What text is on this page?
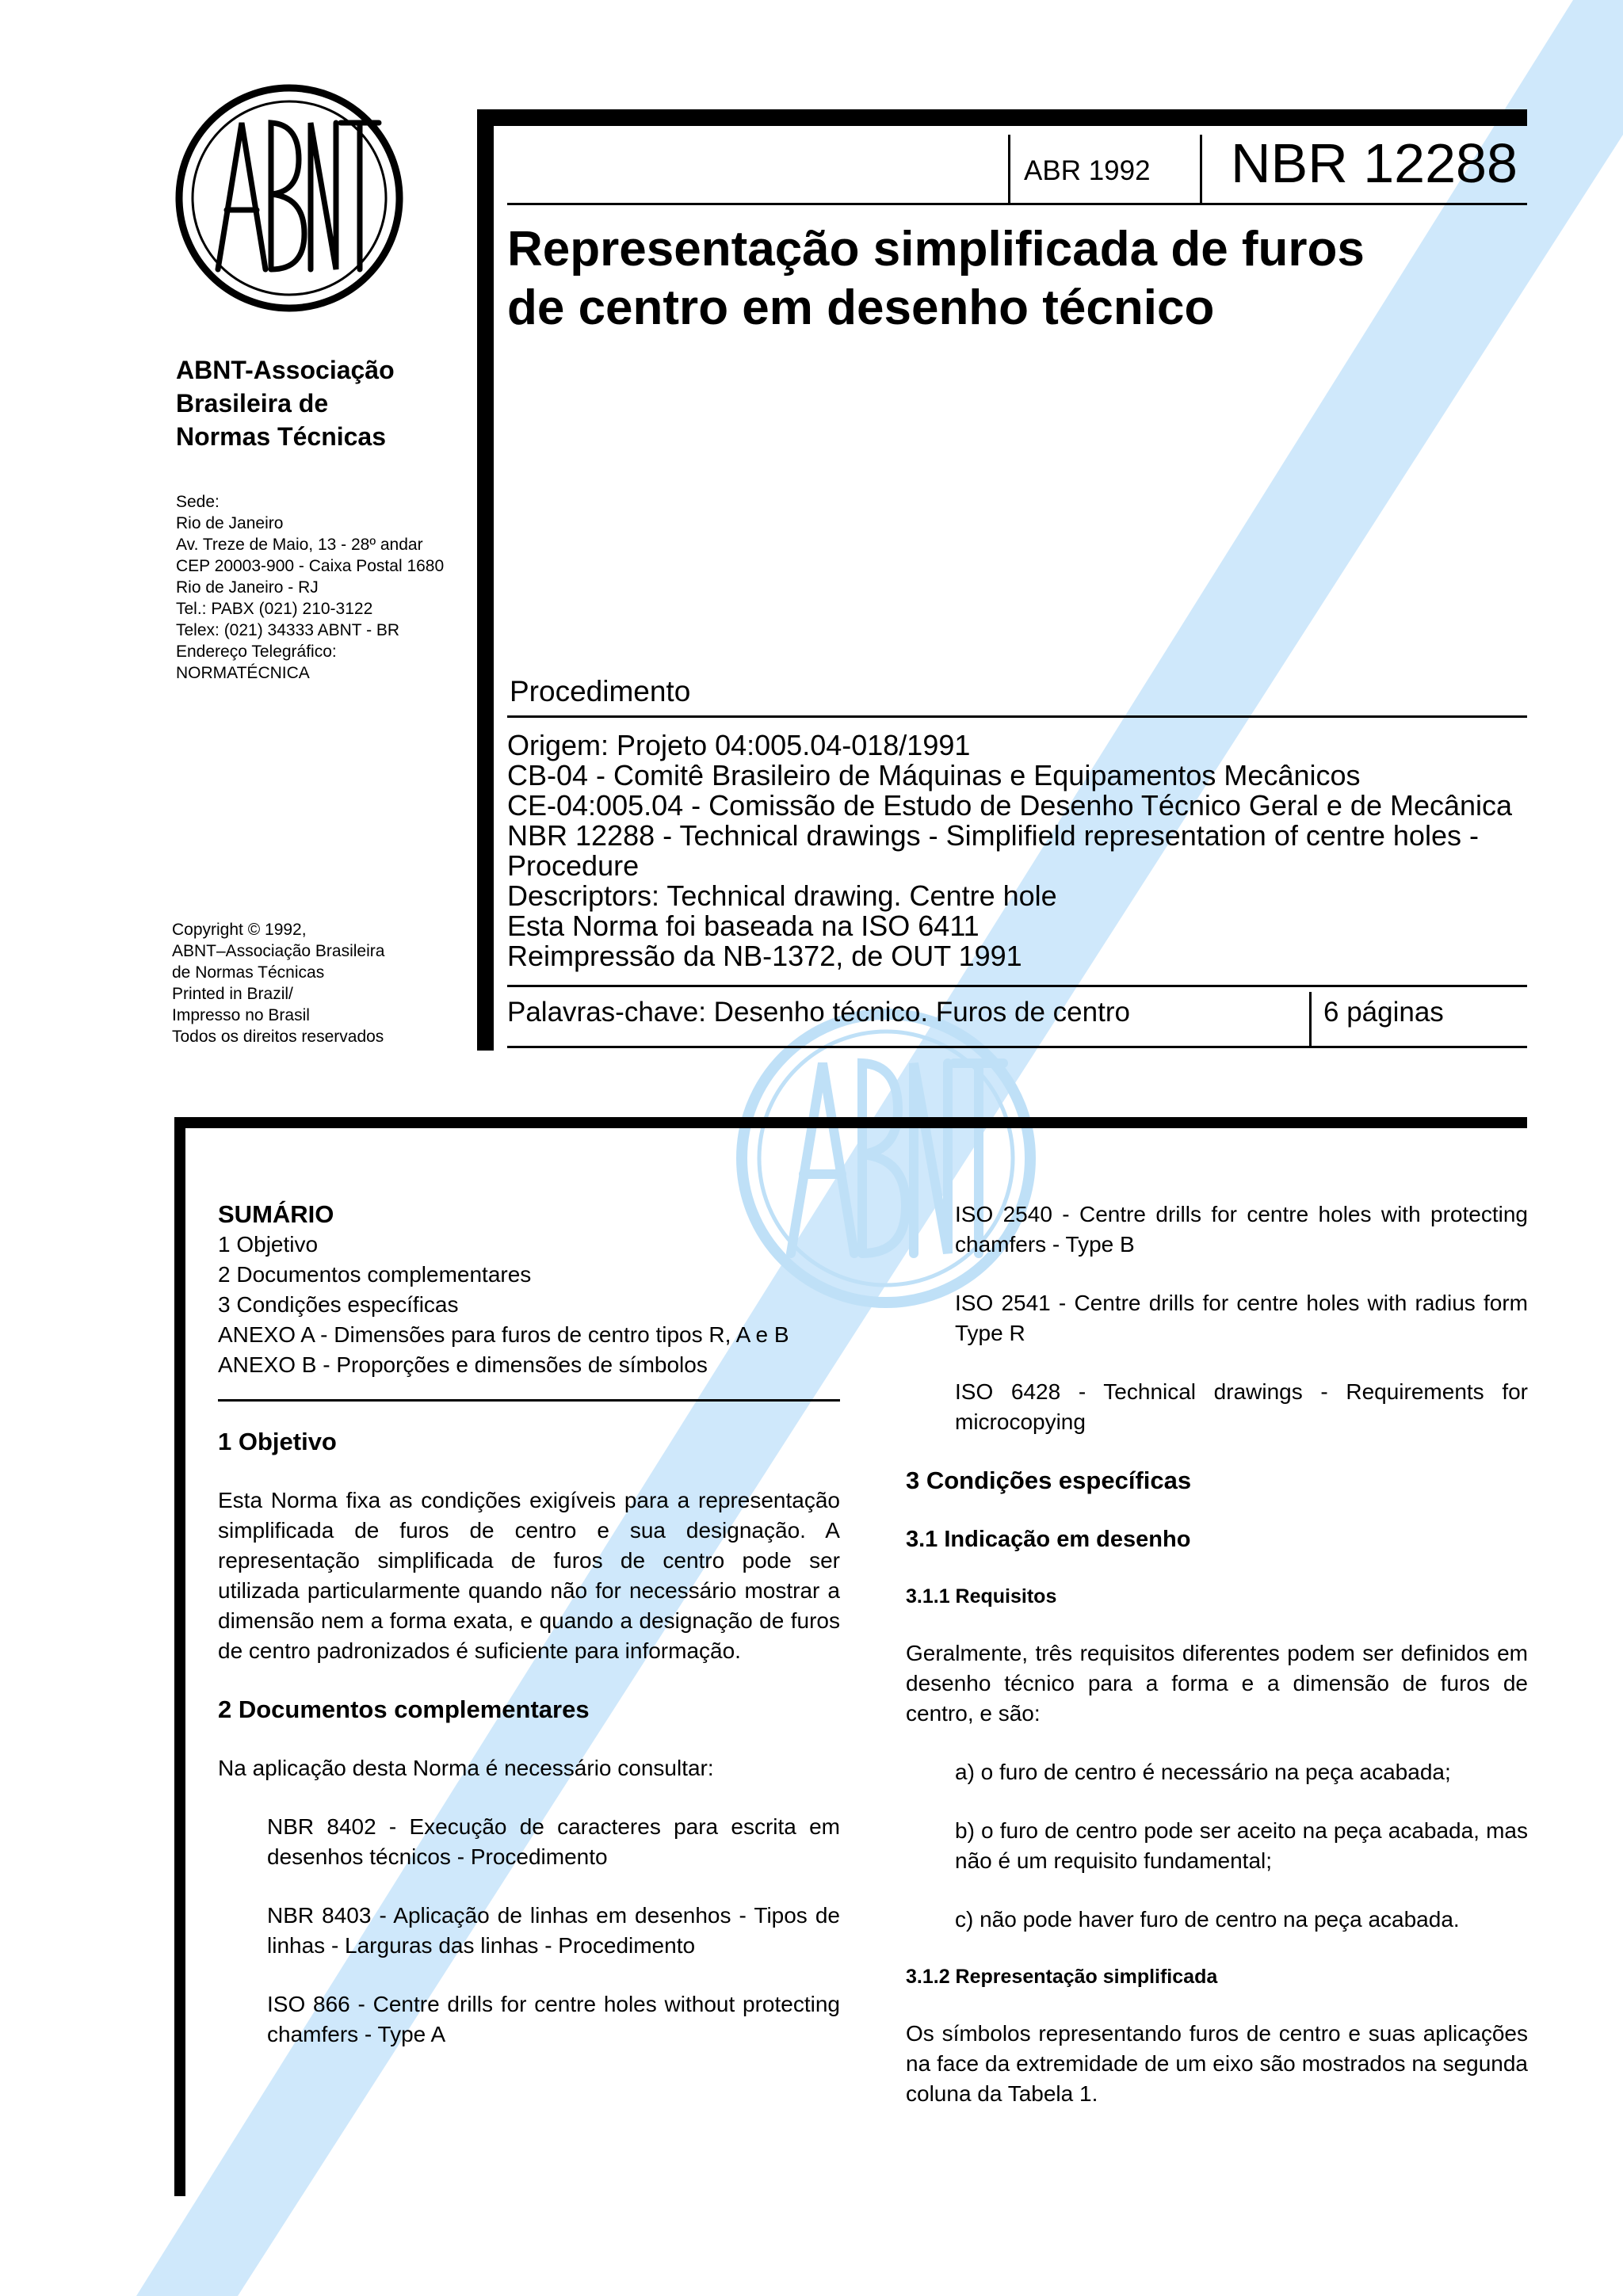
ABNT-Associação
Brasileira de
Normas Técnicas
Sede:
Rio de Janeiro
Av. Treze de Maio, 13 - 28º andar
CEP 20003-900 - Caixa Postal 1680
Rio de Janeiro - RJ
Tel.: PABX (021) 210-3122
Telex: (021) 34333 ABNT - BR
Endereço Telegráfico:
NORMATÉCNICA
Copyright © 1992,
ABNT–Associação Brasileira
de Normas Técnicas
Printed in Brazil/
Impresso no Brasil
Todos os direitos reservados
ABR 1992 NBR 12288
Representação simplificada de furos
de centro em desenho técnico
Procedimento
Origem: Projeto 04:005.04-018/1991
CB-04 - Comitê Brasileiro de Máquinas e Equipamentos Mecânicos
CE-04:005.04 - Comissão de Estudo de Desenho Técnico Geral e de Mecânica
NBR 12288 - Technical drawings - Simplifield representation of centre holes -
Procedure
Descriptors: Technical drawing. Centre hole
Esta Norma foi baseada na ISO 6411
Reimpressão da NB-1372, de OUT 1991
Palavras-chave: Desenho técnico. Furos de centro	6 páginas
SUMÁRIO
1 Objetivo
2 Documentos complementares
3 Condições específicas
ANEXO A - Dimensões para furos de centro tipos R, A e B
ANEXO B - Proporções e dimensões de símbolos
1 Objetivo
Esta Norma fixa as condições exigíveis para a representação simplificada de furos de centro e sua designação. A representação simplificada de furos de centro pode ser utilizada particularmente quando não for necessário mostrar a dimensão nem a forma exata, e quando a designação de furos de centro padronizados é suficiente para informação.
2 Documentos complementares
Na aplicação desta Norma é necessário consultar:
NBR 8402 - Execução de caracteres para escrita em desenhos técnicos - Procedimento
NBR 8403 - Aplicação de linhas em desenhos - Tipos de linhas - Larguras das linhas - Procedimento
ISO 866 - Centre drills for centre holes without protecting chamfers - Type A
ISO 2540 - Centre drills for centre holes with protecting chamfers - Type B
ISO 2541 - Centre drills for centre holes with radius form Type R
ISO 6428 - Technical drawings - Requirements for microcopying
3 Condições específicas
3.1 Indicação em desenho
3.1.1 Requisitos
Geralmente, três requisitos diferentes podem ser definidos em desenho técnico para a forma e a dimensão de furos de centro, e são:
a) o furo de centro é necessário na peça acabada;
b) o furo de centro pode ser aceito na peça acabada, mas não é um requisito fundamental;
c) não pode haver furo de centro na peça acabada.
3.1.2 Representação simplificada
Os símbolos representando furos de centro e suas aplicações na face da extremidade de um eixo são mostrados na segunda coluna da Tabela 1.
